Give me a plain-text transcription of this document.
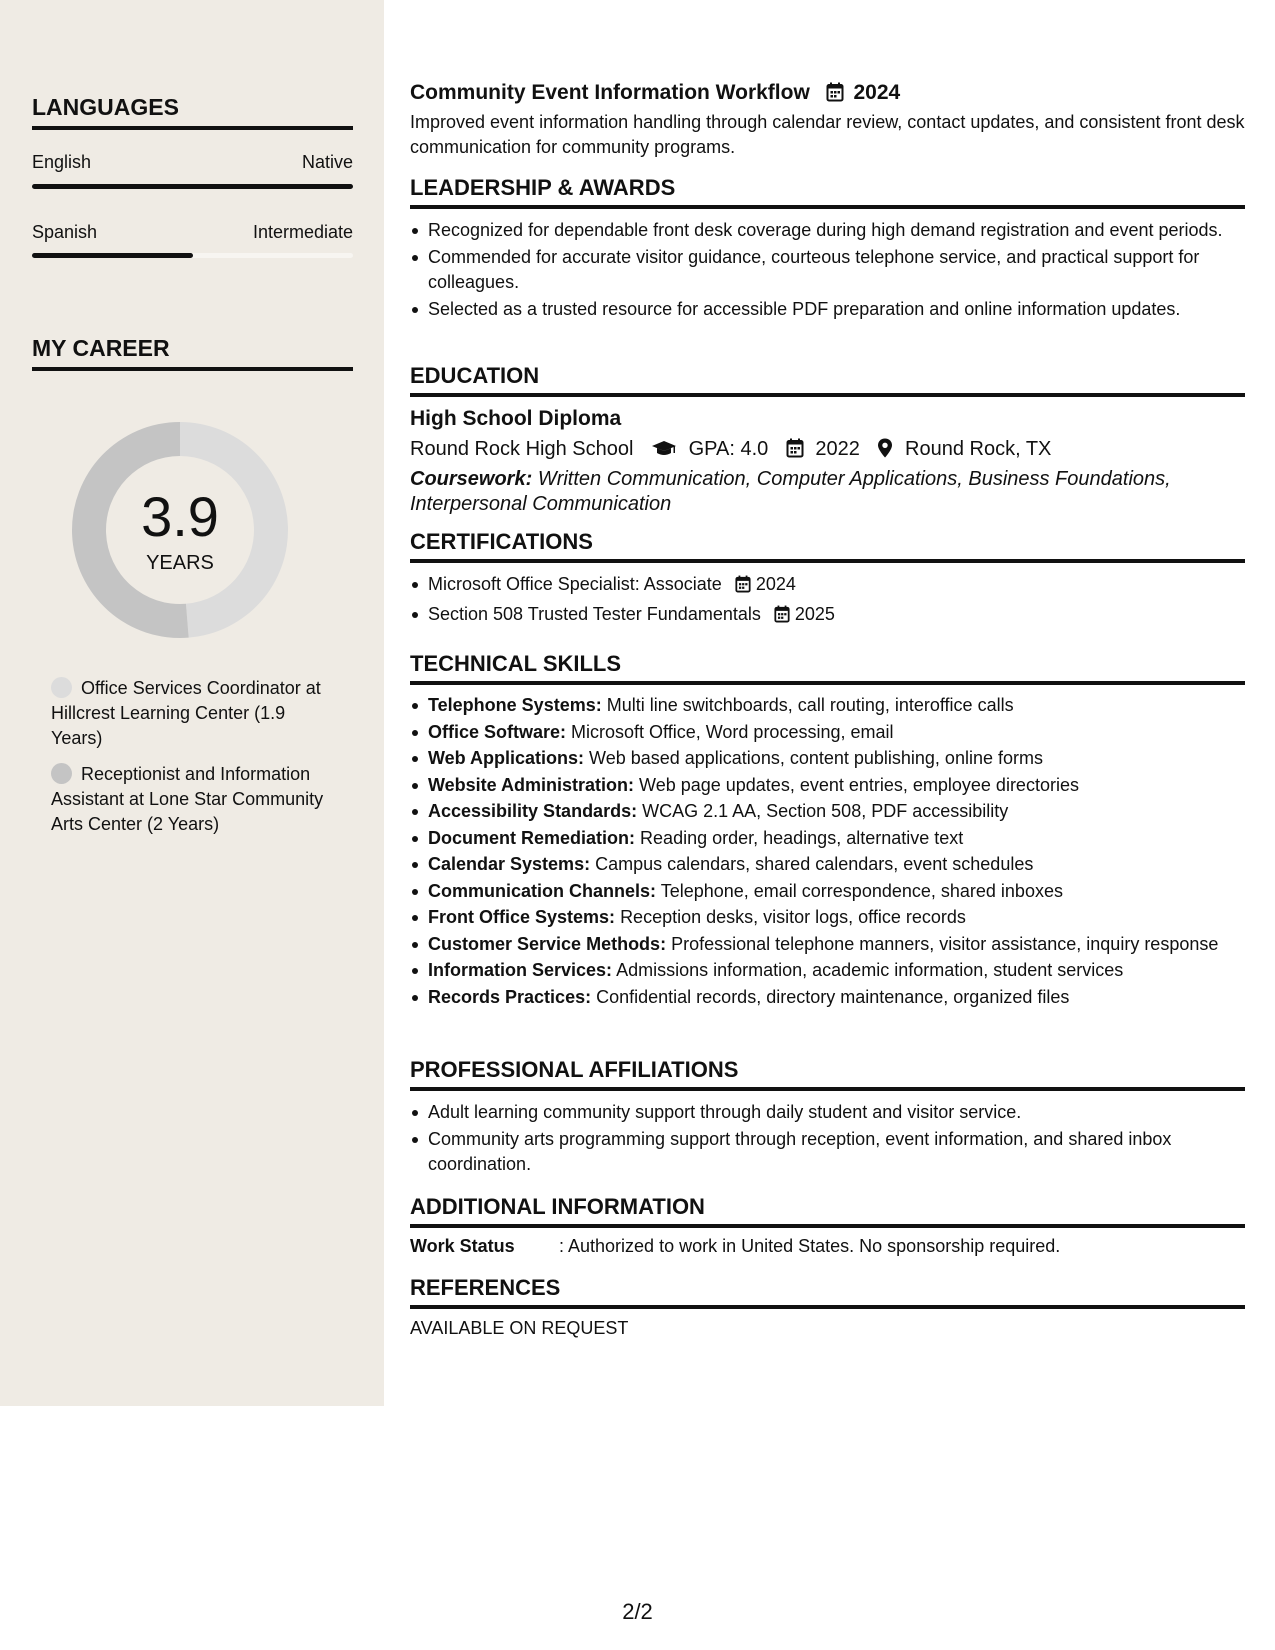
LANGUAGES
English	Native
Spanish	Intermediate
MY CAREER
3.9
YEARS
Office Services Coordinator at Hillcrest Learning Center (1.9 Years)
Receptionist and Information Assistant at Lone Star Community Arts Center (2 Years)
Community Event Information Workflow 2024
Improved event information handling through calendar review, contact updates, and consistent front desk communication for community programs.
LEADERSHIP & AWARDS
Recognized for dependable front desk coverage during high demand registration and event periods.
Commended for accurate visitor guidance, courteous telephone service, and practical support for colleagues.
Selected as a trusted resource for accessible PDF preparation and online information updates.
EDUCATION
High School Diploma
Round Rock High School	GPA: 4.0 2022 Round Rock, TX
Coursework: Written Communication, Computer Applications, Business Foundations, Interpersonal Communication
CERTIFICATIONS
Microsoft Office Specialist: Associate 2024
Section 508 Trusted Tester Fundamentals 2025
TECHNICAL SKILLS
Telephone Systems: Multi line switchboards, call routing, interoffice calls
Office Software: Microsoft Office, Word processing, email
Web Applications: Web based applications, content publishing, online forms
Website Administration: Web page updates, event entries, employee directories
Accessibility Standards: WCAG 2.1 AA, Section 508, PDF accessibility
Document Remediation: Reading order, headings, alternative text
Calendar Systems: Campus calendars, shared calendars, event schedules
Communication Channels: Telephone, email correspondence, shared inboxes
Front Office Systems: Reception desks, visitor logs, office records
Customer Service Methods: Professional telephone manners, visitor assistance, inquiry response
Information Services: Admissions information, academic information, student services
Records Practices: Confidential records, directory maintenance, organized files
PROFESSIONAL AFFILIATIONS
Adult learning community support through daily student and visitor service.
Community arts programming support through reception, event information, and shared inbox coordination.
ADDITIONAL INFORMATION
Work Status : Authorized to work in United States. No sponsorship required.
REFERENCES
AVAILABLE ON REQUEST
2/2
